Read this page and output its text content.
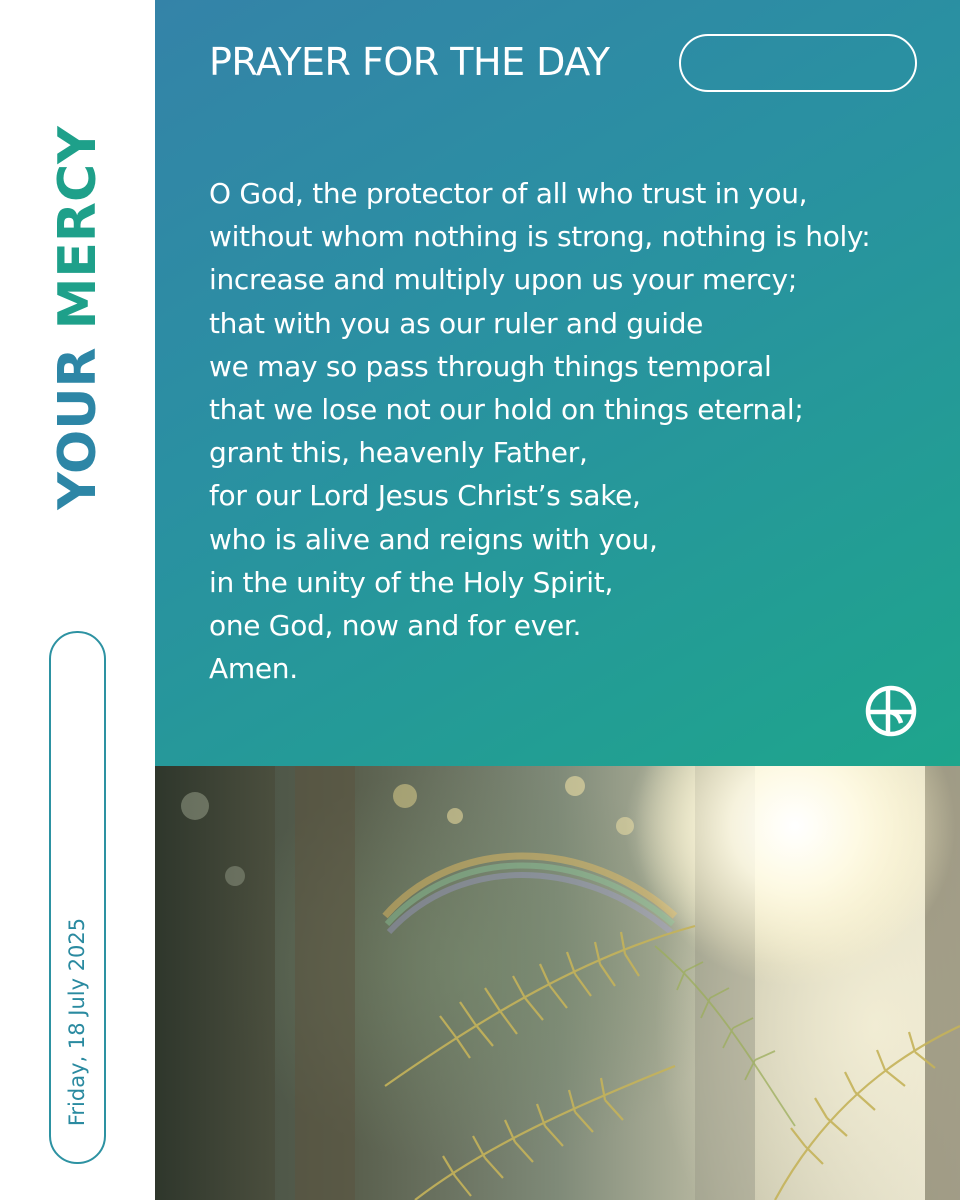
YOUR MERCY
Friday, 18 July 2025
PRAYER FOR THE DAY
O God, the protector of all who trust in you,
without whom nothing is strong, nothing is holy:
increase and multiply upon us your mercy;
that with you as our ruler and guide
we may so pass through things temporal
that we lose not our hold on things eternal;
grant this, heavenly Father,
for our Lord Jesus Christ’s sake,
who is alive and reigns with you,
in the unity of the Holy Spirit,
one God, now and for ever.
Amen.
